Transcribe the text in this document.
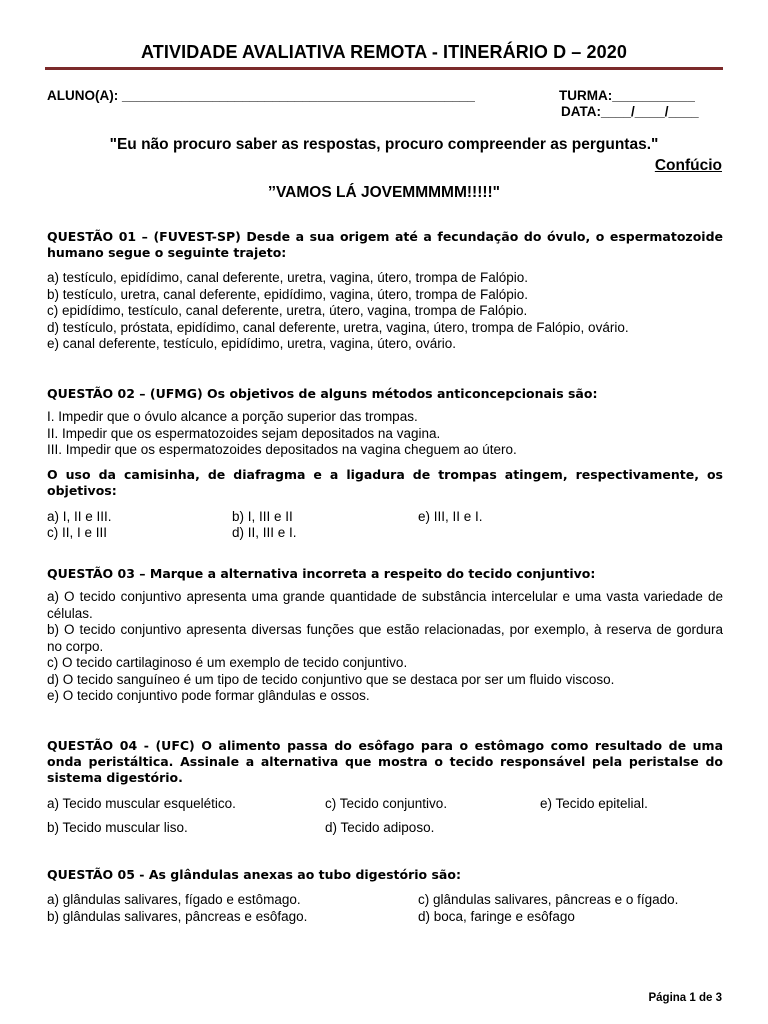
ATIVIDADE AVALIATIVA REMOTA - ITINERÁRIO D – 2020
ALUNO(A): _______________________________________________	TURMA:___________
DATA:____/____/____
"Eu não procuro saber as respostas, procuro compreender as perguntas."
Confúcio
’’VAMOS LÁ JOVEMMMMM!!!!!"
QUESTÃO 01 – (FUVEST-SP) Desde a sua origem até a fecundação do óvulo, o espermatozoide humano segue o seguinte trajeto:
a) testículo, epidídimo, canal deferente, uretra, vagina, útero, trompa de Falópio.
b) testículo, uretra, canal deferente, epidídimo, vagina, útero, trompa de Falópio.
c) epidídimo, testículo, canal deferente, uretra, útero, vagina, trompa de Falópio.
d) testículo, próstata, epidídimo, canal deferente, uretra, vagina, útero, trompa de Falópio, ovário.
e) canal deferente, testículo, epidídimo, uretra, vagina, útero, ovário.
QUESTÃO 02 – (UFMG) Os objetivos de alguns métodos anticoncepcionais são:
I. Impedir que o óvulo alcance a porção superior das trompas.
II. Impedir que os espermatozoides sejam depositados na vagina.
III. Impedir que os espermatozoides depositados na vagina cheguem ao útero.
O uso da camisinha, de diafragma e a ligadura de trompas atingem, respectivamente, os objetivos:
a) I, II e III.	b) I, III e II	e) III, II e I.
c) II, I e III	d) II, III e I.
QUESTÃO 03 – Marque a alternativa incorreta a respeito do tecido conjuntivo:
a) O tecido conjuntivo apresenta uma grande quantidade de substância intercelular e uma vasta variedade de células.
b) O tecido conjuntivo apresenta diversas funções que estão relacionadas, por exemplo, à reserva de gordura no corpo.
c) O tecido cartilaginoso é um exemplo de tecido conjuntivo.
d) O tecido sanguíneo é um tipo de tecido conjuntivo que se destaca por ser um fluido viscoso.
e) O tecido conjuntivo pode formar glândulas e ossos.
QUESTÃO 04 - (UFC) O alimento passa do esôfago para o estômago como resultado de uma onda peristáltica. Assinale a alternativa que mostra o tecido responsável pela peristalse do sistema digestório.
a) Tecido muscular esquelético.	c) Tecido conjuntivo.	e) Tecido epitelial.
b) Tecido muscular liso.	d) Tecido adiposo.
QUESTÃO 05 - As glândulas anexas ao tubo digestório são:
a) glândulas salivares, fígado e estômago.	c) glândulas salivares, pâncreas e o fígado.
b) glândulas salivares, pâncreas e esôfago.	d) boca, faringe e esôfago
Página 1 de 3
